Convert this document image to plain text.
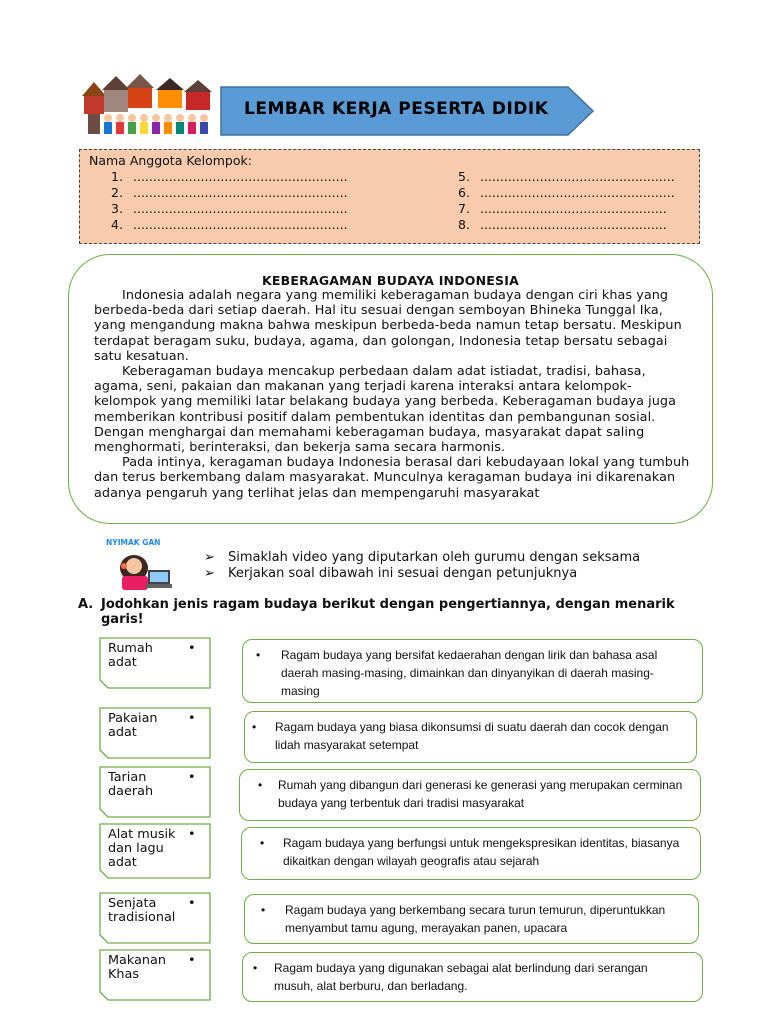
LEMBAR KERJA PESERTA DIDIK
Nama Anggota Kelompok:
1. ......................................................
2. ......................................................
3. ......................................................
4. ......................................................
5. .................................................
6. .................................................
7. ...............................................
8. ...............................................
KEBERAGAMAN BUDAYA INDONESIA

Indonesia adalah negara yang memiliki keberagaman budaya dengan ciri khas yang berbeda-beda dari setiap daerah. Hal itu sesuai dengan semboyan Bhineka Tunggal Ika, yang mengandung makna bahwa meskipun berbeda-beda namun tetap bersatu. Meskipun terdapat beragam suku, budaya, agama, dan golongan, Indonesia tetap bersatu sebagai satu kesatuan.

Keberagaman budaya mencakup perbedaan dalam adat istiadat, tradisi, bahasa, agama, seni, pakaian dan makanan yang terjadi karena interaksi antara kelompok-kelompok yang memiliki latar belakang budaya yang berbeda. Keberagaman budaya juga memberikan kontribusi positif dalam pembentukan identitas dan pembangunan sosial. Dengan menghargai dan memahami keberagaman budaya, masyarakat dapat saling menghormati, berinteraksi, dan bekerja sama secara harmonis.

Pada intinya, keragaman budaya Indonesia berasal dari kebudayaan lokal yang tumbuh dan terus berkembang dalam masyarakat. Munculnya keragaman budaya ini dikarenakan adanya pengaruh yang terlihat jelas dan mempengaruhi masyarakat

NYIMAK GAN
➢ Simaklah video yang diputarkan oleh gurumu dengan seksama
➢ Kerjakan soal dibawah ini sesuai dengan petunjuknya
A. Jodohkan jenis ragam budaya berikut dengan pengertiannya, dengan menarik garis!
Rumah adat
•
Pakaian adat
•
Tarian daerah
•
Alat musik dan lagu adat
•
Senjata tradisional
•
Makanan Khas
•
• Ragam budaya yang bersifat kedaerahan dengan lirik dan bahasa asal daerah masing-masing, dimainkan dan dinyanyikan di daerah masing-masing
• Ragam budaya yang biasa dikonsumsi di suatu daerah dan cocok dengan lidah masyarakat setempat
• Rumah yang dibangun dari generasi ke generasi yang merupakan cerminan budaya yang terbentuk dari tradisi masyarakat
• Ragam budaya yang berfungsi untuk mengekspresikan identitas, biasanya dikaitkan dengan wilayah geografis atau sejarah
• Ragam budaya yang berkembang secara turun temurun, diperuntukkan menyambut tamu agung, merayakan panen, upacara
• Ragam budaya yang digunakan sebagai alat berlindung dari serangan musuh, alat berburu, dan berladang.
